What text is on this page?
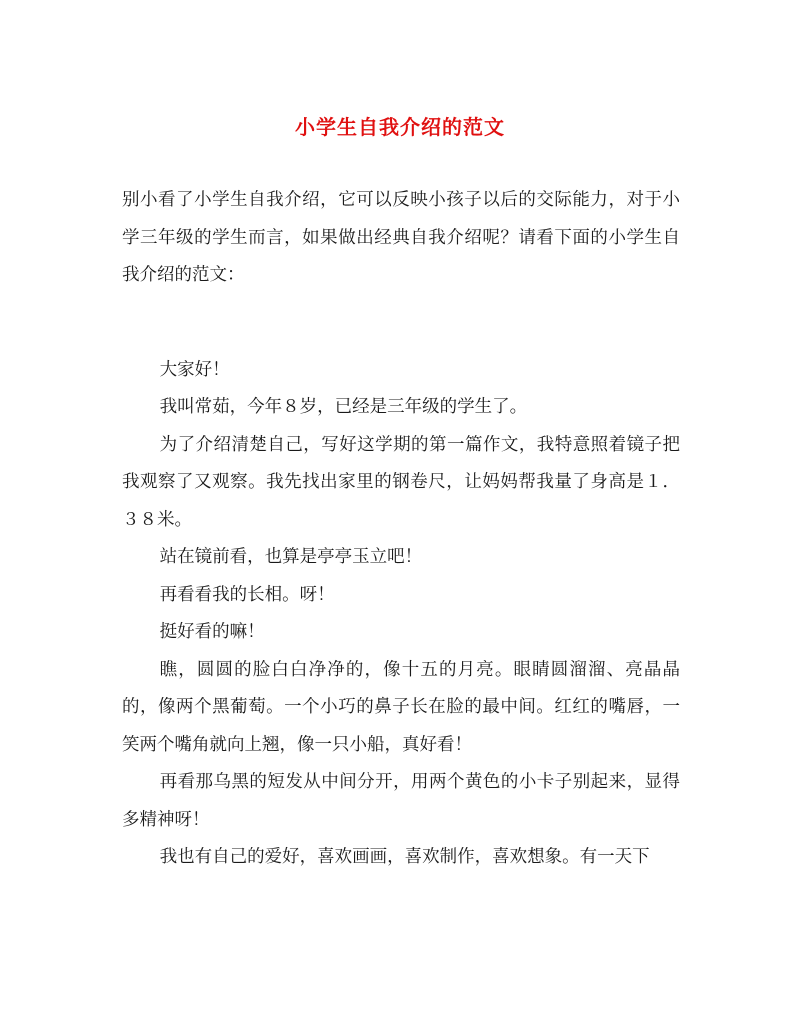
小学生自我介绍的范文

别小看了小学生自我介绍，它可以反映小孩子以后的交际能力，对于小学三年级的学生而言，如果做出经典自我介绍呢？请看下面的小学生自我介绍的范文：

大家好！

我叫常茹，今年８岁，已经是三年级的学生了。

为了介绍清楚自己，写好这学期的第一篇作文，我特意照着镜子把我观察了又观察。我先找出家里的钢卷尺，让妈妈帮我量了身高是１．３８米。

站在镜前看，也算是亭亭玉立吧！

再看看我的长相。呀！

挺好看的嘛！

瞧，圆圆的脸白白净净的，像十五的月亮。眼睛圆溜溜、亮晶晶的，像两个黑葡萄。一个小巧的鼻子长在脸的最中间。红红的嘴唇，一笑两个嘴角就向上翘，像一只小船，真好看！

再看那乌黑的短发从中间分开，用两个黄色的小卡子别起来，显得多精神呀！

我也有自己的爱好，喜欢画画，喜欢制作，喜欢想象。有一天下
